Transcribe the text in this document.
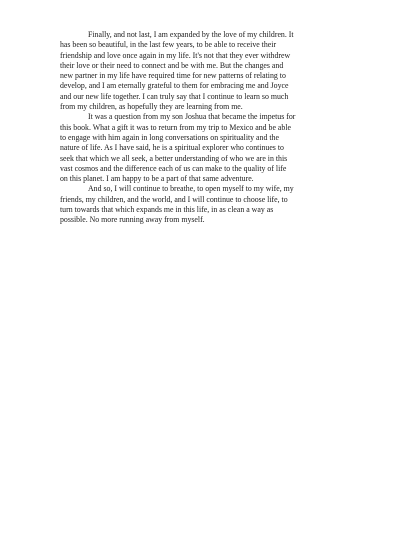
Finally, and not last, I am expanded by the love of my children. It has been so beautiful, in the last few years, to be able to receive their friendship and love once again in my life. It's not that they ever withdrew their love or their need to connect and be with me. But the changes and new partner in my life have required time for new patterns of relating to develop, and I am eternally grateful to them for embracing me and Joyce and our new life together. I can truly say that I continue to learn so much from my children, as hopefully they are learning from me.

It was a question from my son Joshua that became the impetus for this book. What a gift it was to return from my trip to Mexico and be able to engage with him again in long conversations on spirituality and the nature of life. As I have said, he is a spiritual explorer who continues to seek that which we all seek, a better understanding of who we are in this vast cosmos and the difference each of us can make to the quality of life on this planet. I am happy to be a part of that same adventure.

And so, I will continue to breathe, to open myself to my wife, my friends, my children, and the world, and I will continue to choose life, to turn towards that which expands me in this life, in as clean a way as possible. No more running away from myself.
